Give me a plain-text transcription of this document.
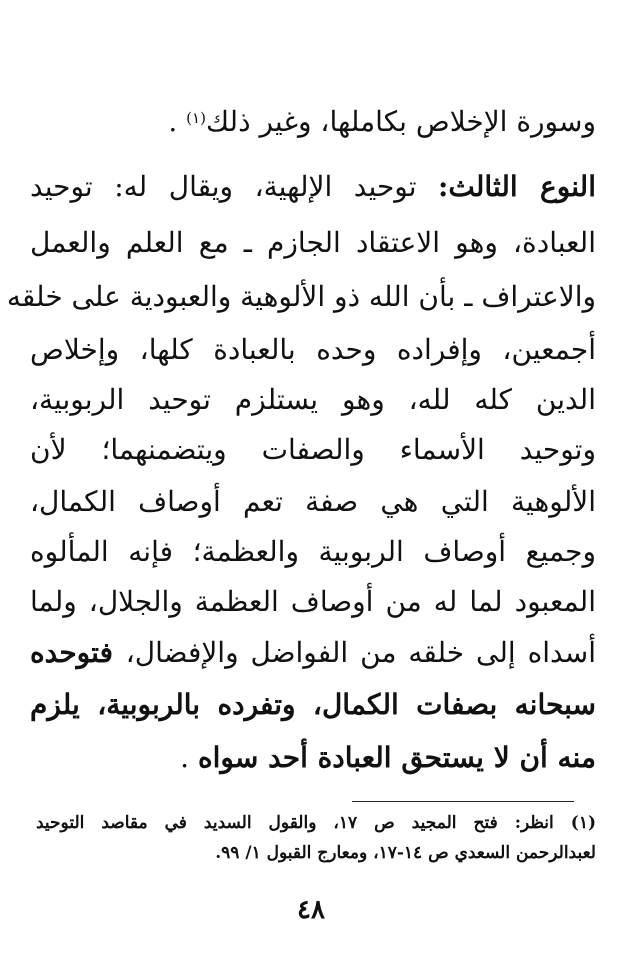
وسورة الإخلاص بكاملها، وغير ذلك$^{(١)}$ .
النوع الثالث: توحيد الإلهية، ويقال له: توحيد
العبادة، وهو الاعتقاد الجازم ـ مع العلم والعمل
والاعتراف ـ بأن الله ذو الألوهية والعبودية على خلقه
أجمعين، وإفراده وحده بالعبادة كلها، وإخلاص
الدين كله لله، وهو يستلزم توحيد الربوبية،
وتوحيد الأسماء والصفات ويتضمنهما؛ لأن
الألوهية التي هي صفة تعم أوصاف الكمال،
وجميع أوصاف الربوبية والعظمة؛ فإنه المألوه
المعبود لما له من أوصاف العظمة والجلال، ولما
أسداه إلى خلقه من الفواضل والإفضال، فتوحده
سبحانه بصفات الكمال، وتفرده بالربوبية، يلزم
منه أن لا يستحق العبادة أحد سواه .
(١) انظر: فتح المجيد ص ١٧، والقول السديد في مقاصد التوحيد
لعبدالرحمن السعدي ص ١٤-١٧، ومعارج القبول ١/ ٩٩.
٤٨
